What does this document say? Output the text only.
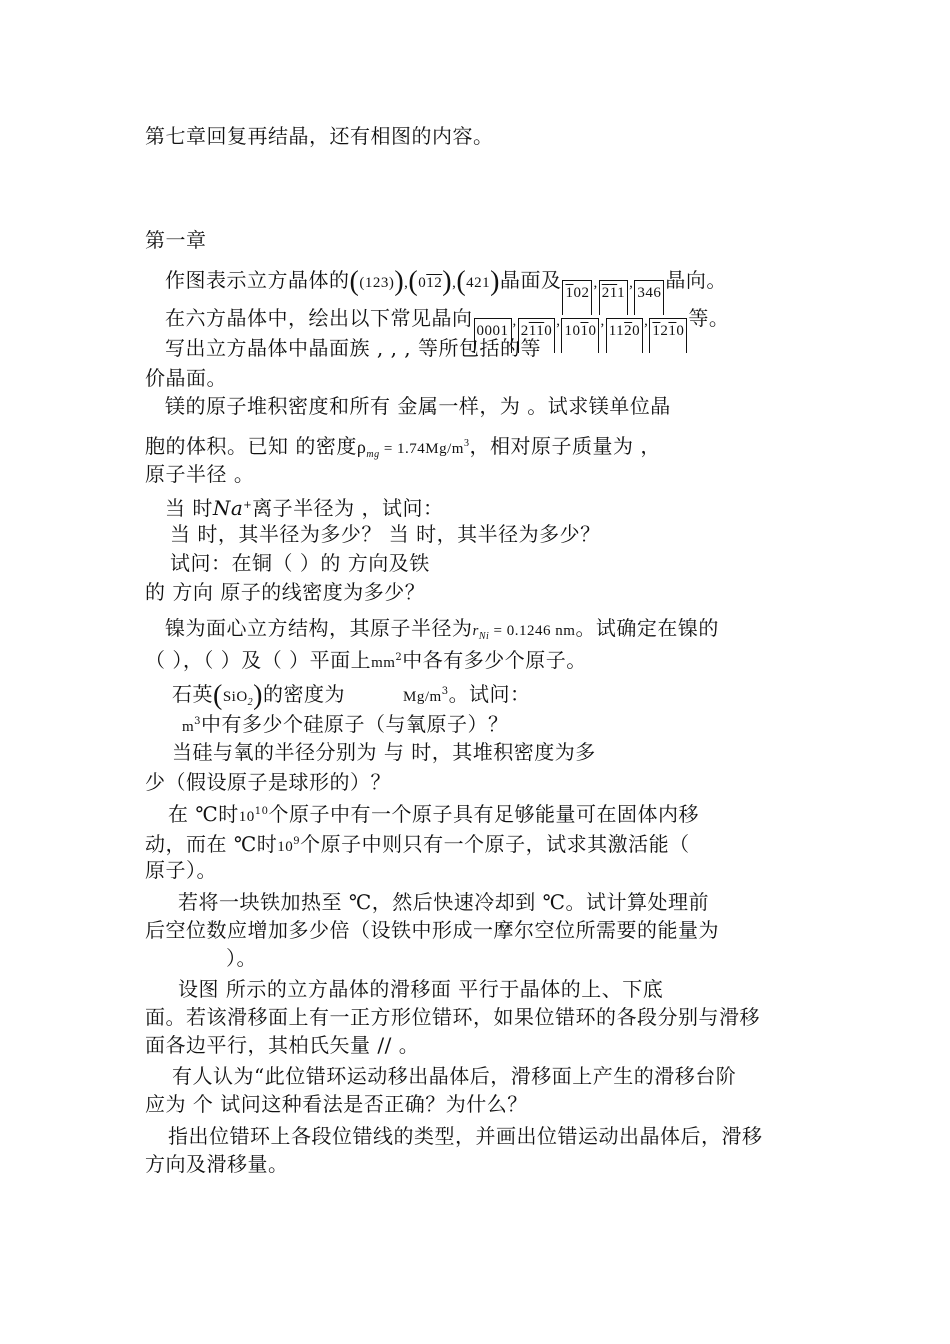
第七章回复再结晶，还有相图的内容。
第一章
作图表示立方晶体的((123)),(012),(421)晶面及102,211,346晶向。
在六方晶体中，绘出以下常见晶向0001,2110,1010,1120,1210等。
写出立方晶体中晶面族 , , , 等所包括的等
价晶面。
镁的原子堆积密度和所有 金属一样，为 。试求镁单位晶
胞的体积。已知 的密度$\rho_{mg} = 1.74Mg/m^3$，相对原子质量为 ，
原子半径 。
当 时Na+离子半径为 ，试问：
当 时，其半径为多少？ 当 时，其半径为多少？
试问：在铜（ ）的 方向及铁
的 方向 原子的线密度为多少？
镍为面心立方结构，其原子半径为$r_{Ni} = 0.1246$ nm。试确定在镍的
（ ），（ ）及（ ）平面上$mm^2$中各有多少个原子。
石英(SiO$_2$)的密度为	$Mg/m^3$。试问：
$m^3$中有多少个硅原子（与氧原子）？
当硅与氧的半径分别为 与 时，其堆积密度为多
少（假设原子是球形的）？
在 ℃时$10^{10}$个原子中有一个原子具有足够能量可在固体内移
动，而在 ℃时$10^9$个原子中则只有一个原子，试求其激活能（
原子）。
若将一块铁加热至 ℃，然后快速冷却到 ℃。试计算处理前
后空位数应增加多少倍（设铁中形成一摩尔空位所需要的能量为
）。
设图 所示的立方晶体的滑移面 平行于晶体的上、下底
面。若该滑移面上有一正方形位错环，如果位错环的各段分别与滑移
面各边平行，其柏氏矢量 // 。
有人认为“此位错环运动移出晶体后，滑移面上产生的滑移台阶
应为 个 试问这种看法是否正确？为什么？
指出位错环上各段位错线的类型，并画出位错运动出晶体后，滑移
方向及滑移量。
